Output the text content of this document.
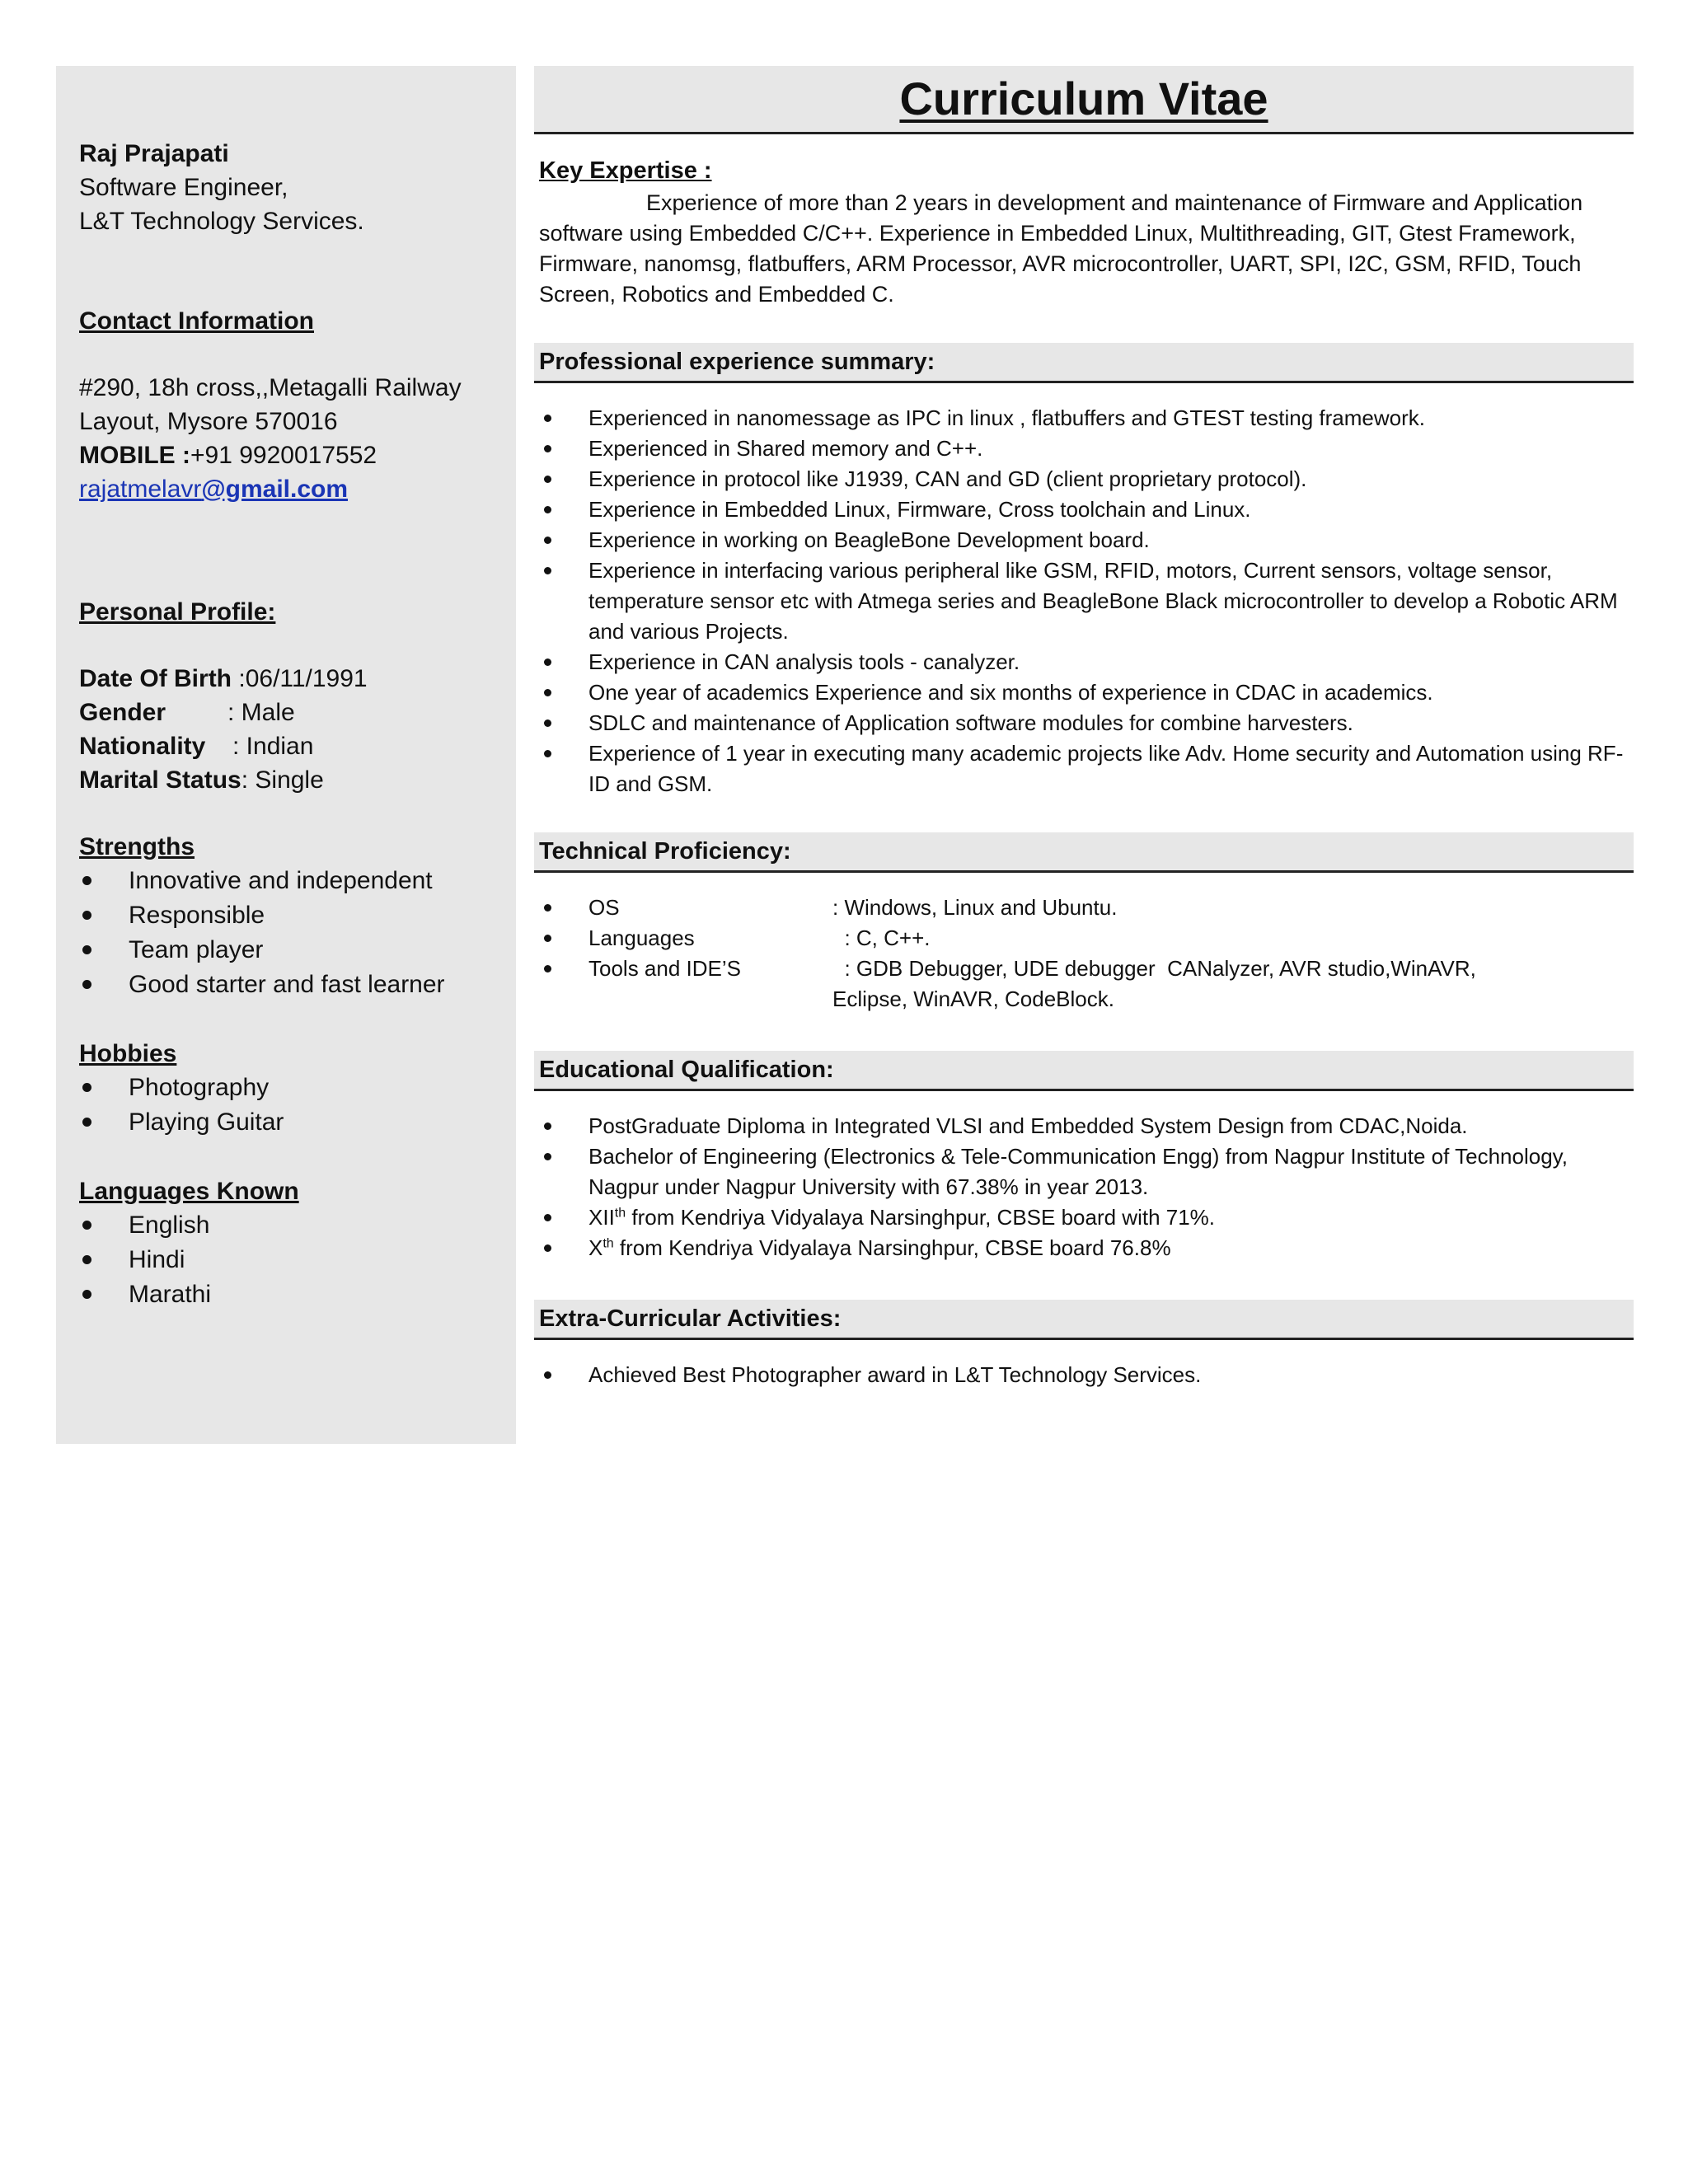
Raj Prajapati

Software Engineer,

L&T Technology Services.

Contact Information

#290, 18h cross,,Metagalli Railway

Layout, Mysore 570016

MOBILE :+91 9920017552

rajatmelavr@gmail.com

Personal Profile:

Date Of Birth
:06/11/1991

Gender	: Male

Nationality	: Indian

Marital Status : Single

Strengths

Innovative and independent
Responsible
Team player
Good starter and fast learner

Hobbies

Photography
Playing Guitar

Languages Known

English
Hindi
Marathi
Curriculum Vitae
Key Expertise :

Experience of more than 2 years in development and maintenance of Firmware and Application software using Embedded C/C++. Experience in Embedded Linux, Multithreading, GIT, Gtest Framework, Firmware, nanomsg, flatbuffers, ARM Processor, AVR microcontroller, UART, SPI, I2C, GSM, RFID, Touch Screen, Robotics and Embedded C.

Professional experience summary:
Experienced in nanomessage as IPC in linux , flatbuffers and GTEST testing framework.
Experienced in Shared memory and C++.
Experience in protocol like J1939, CAN and GD (client proprietary protocol).
Experience in Embedded Linux, Firmware, Cross toolchain and Linux.
Experience in working on BeagleBone Development board.
Experience in interfacing various peripheral like GSM, RFID, motors, Current sensors, voltage sensor, temperature sensor etc with Atmega series and BeagleBone Black microcontroller to develop a Robotic ARM and various Projects.
Experience in CAN analysis tools - canalyzer.
One year of academics Experience and six months of experience in CDAC in academics.
SDLC and maintenance of Application software modules for combine harvesters.
Experience of 1 year in executing many academic projects like Adv. Home security and Automation using RF-ID and GSM.
Technical Proficiency:
OS	: Windows, Linux and Ubuntu.
Languages	: C, C++.
Tools and IDE’S	: GDB Debugger, UDE debugger  CANalyzer, AVR studio,WinAVR, Eclipse, WinAVR, CodeBlock.
Educational Qualification:
PostGraduate Diploma in Integrated VLSI and Embedded System Design from CDAC,Noida.
Bachelor of Engineering (Electronics & Tele-Communication Engg) from Nagpur Institute of Technology, Nagpur under Nagpur University with 67.38% in year 2013.
XIIth from Kendriya Vidyalaya Narsinghpur, CBSE board with 71%.
Xth from Kendriya Vidyalaya Narsinghpur, CBSE board 76.8%
Extra-Curricular Activities:
Achieved Best Photographer award in L&T Technology Services.
